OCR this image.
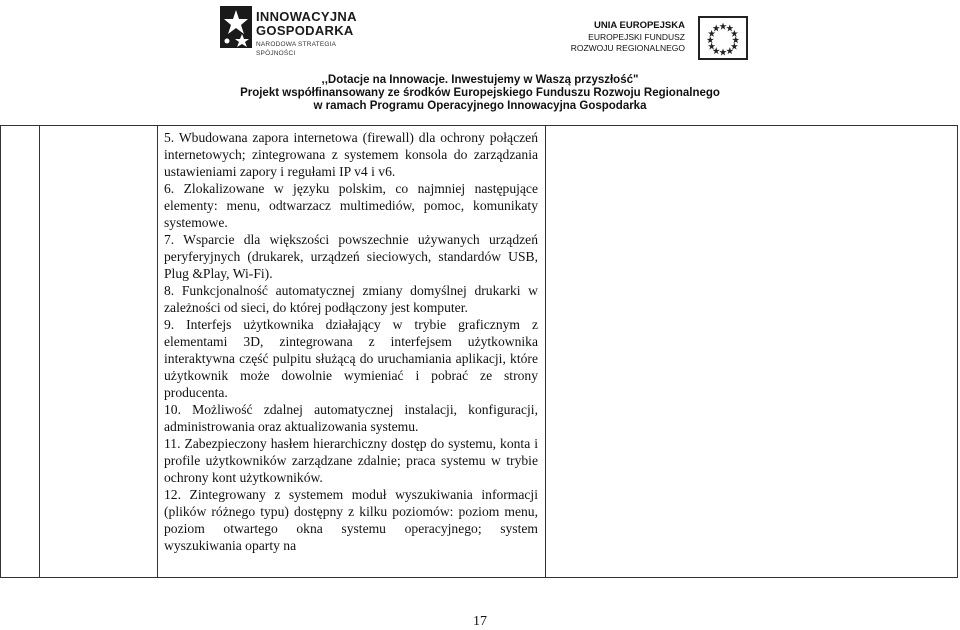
INNOWACYJNA
GOSPODARKA
NARODOWA STRATEGIA SPÓJNOŚCI
UNIA EUROPEJSKA
EUROPEJSKI FUNDUSZ
ROZWOJU REGIONALNEGO
,,Dotacje na Innowacje. Inwestujemy w Waszą przyszłość"
Projekt współfinansowany ze środków Europejskiego Funduszu Rozwoju Regionalnego
w ramach Programu Operacyjnego Innowacyjna Gospodarka

5. Wbudowana zapora internetowa (firewall) dla ochrony połączeń internetowych; zintegrowana z systemem konsola do zarządzania ustawieniami zapory i regułami IP v4 i v6.

6. Zlokalizowane w języku polskim, co najmniej następujące elementy: menu, odtwarzacz multimediów, pomoc, komunikaty systemowe.

7. Wsparcie dla większości powszechnie używanych urządzeń peryferyjnych (drukarek, urządzeń sieciowych, standardów USB, Plug &Play, Wi-Fi).

8. Funkcjonalność automatycznej zmiany domyślnej drukarki w zależności od sieci, do której podłączony jest komputer.

9. Interfejs użytkownika działający w trybie graficznym z elementami 3D, zintegrowana z interfejsem użytkownika interaktywna część pulpitu służącą do uruchamiania aplikacji, które użytkownik może dowolnie wymieniać i pobrać ze strony producenta.

10. Możliwość zdalnej automatycznej instalacji, konfiguracji, administrowania oraz aktualizowania systemu.

11. Zabezpieczony hasłem hierarchiczny dostęp do systemu, konta i profile użytkowników zarządzane zdalnie; praca systemu w trybie ochrony kont użytkowników.

12. Zintegrowany z systemem moduł wyszukiwania informacji (plików różnego typu) dostępny z kilku poziomów: poziom menu, poziom otwartego okna systemu operacyjnego; system wyszukiwania oparty na

17
